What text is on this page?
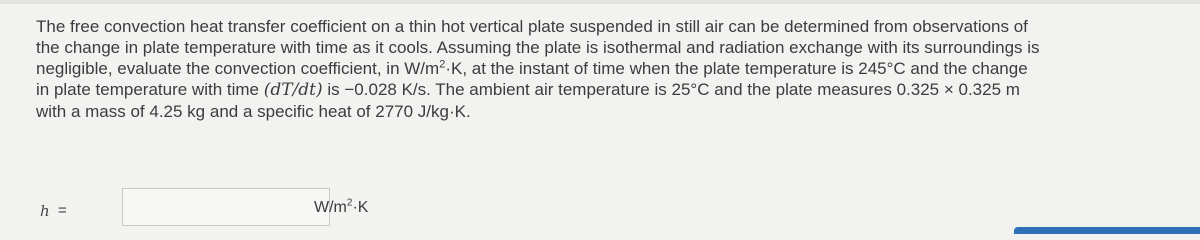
The free convection heat transfer coefficient on a thin hot vertical plate suspended in still air can be determined from observations of
the change in plate temperature with time as it cools. Assuming the plate is isothermal and radiation exchange with its surroundings is
negligible, evaluate the convection coefficient, in $W/m^2\cdot K$, at the instant of time when the plate temperature is 245°C and the change
in plate temperature with time (dT/dt) is −0.028 K/s. The ambient air temperature is 25°C and the plate measures 0.325 × 0.325 m
with a mass of 4.25 kg and a specific heat of 2770 J/kg·K.
h =	$W/m^2\cdot K$
